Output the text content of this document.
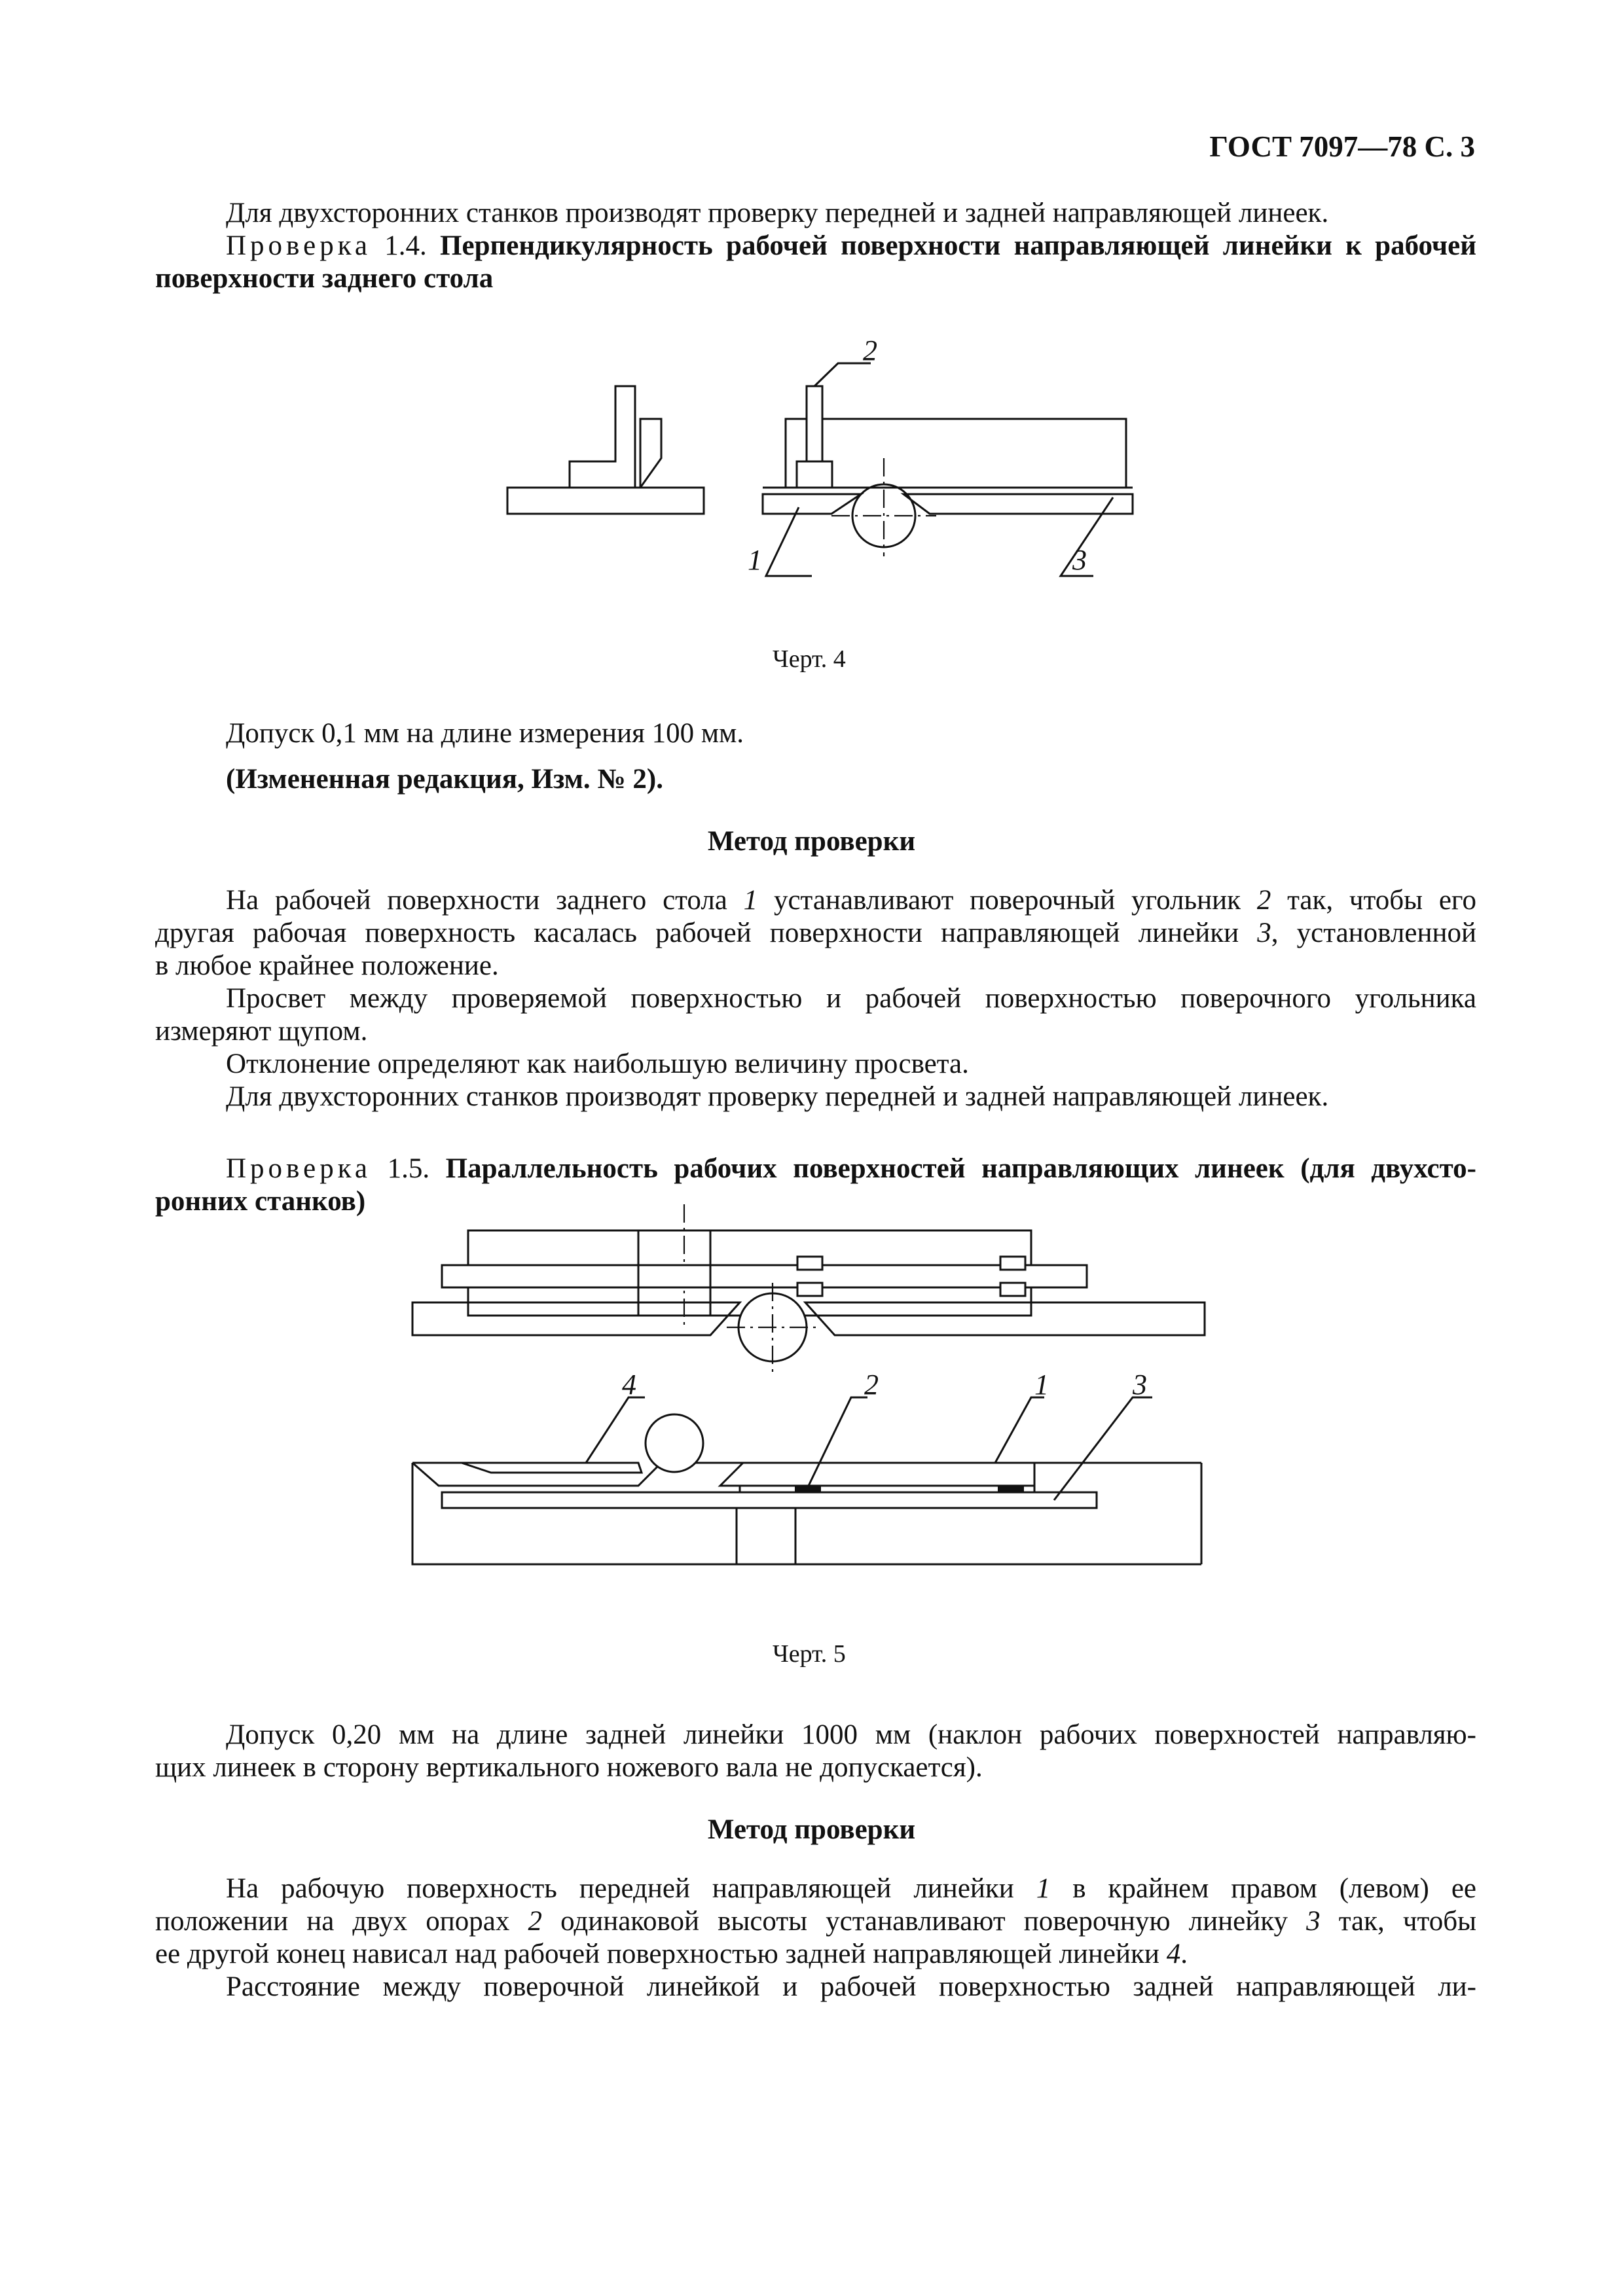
ГОСТ 7097—78 С. 3
Для двухсторонних станков производят проверку передней и задней направляющей линеек.
Проверка 1.4. Перпендикулярность рабочей поверхности направляющей линейки к рабочей
поверхности заднего стола
2
1	3
Черт. 4
Допуск 0,1 мм на длине измерения 100 мм.
(Измененная редакция, Изм. № 2).
Метод проверки
На рабочей поверхности заднего стола 1 устанавливают поверочный угольник 2 так, чтобы его
другая рабочая поверхность касалась рабочей поверхности направляющей линейки 3, установленной
в любое крайнее положение.
Просвет между проверяемой поверхностью и рабочей поверхностью поверочного угольника
измеряют щупом.
Отклонение определяют как наибольшую величину просвета.
Для двухсторонних станков производят проверку передней и задней направляющей линеек.
Проверка 1.5. Параллельность рабочих поверхностей направляющих линеек (для двухсто-
ронних станков)
4	2	1	3
Черт. 5
Допуск 0,20 мм на длине задней линейки 1000 мм (наклон рабочих поверхностей направляю-
щих линеек в сторону вертикального ножевого вала не допускается).
Метод проверки
На рабочую поверхность передней направляющей линейки 1 в крайнем правом (левом) ее
положении на двух опорах 2 одинаковой высоты устанавливают поверочную линейку 3 так, чтобы
ее другой конец нависал над рабочей поверхностью задней направляющей линейки 4.
Расстояние между поверочной линейкой и рабочей поверхностью задней направляющей ли-
